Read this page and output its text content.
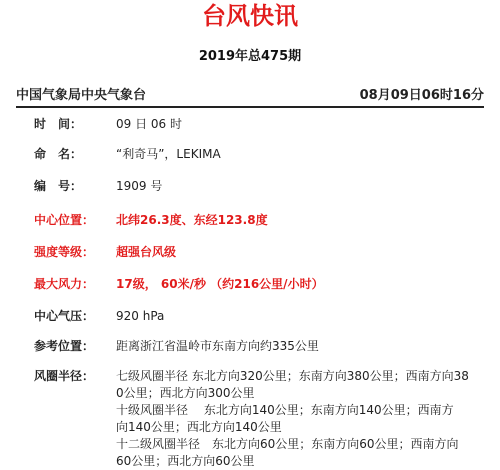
台风快讯
2019年总475期
中国气象局中央气象台	08月09日06时16分
时　间：	09 日 06 时
命　名：	“利奇马”，LEKIMA
编　号：	1909 号
中心位置：	北纬26.3度、东经123.8度
强度等级：	超强台风级
最大风力：	17级， 60米/秒 （约216公里/小时）
中心气压：	920 hPa
参考位置：	距离浙江省温岭市东南方向约335公里
风圈半径：	七级风圈半径 东北方向320公里；东南方向380公里；西南方向38
0公里；西北方向300公里
十级风圈半径　 东北方向140公里；东南方向140公里；西南方
向140公里；西北方向140公里
十二级风圈半径　东北方向60公里；东南方向60公里；西南方向
60公里；西北方向60公里
